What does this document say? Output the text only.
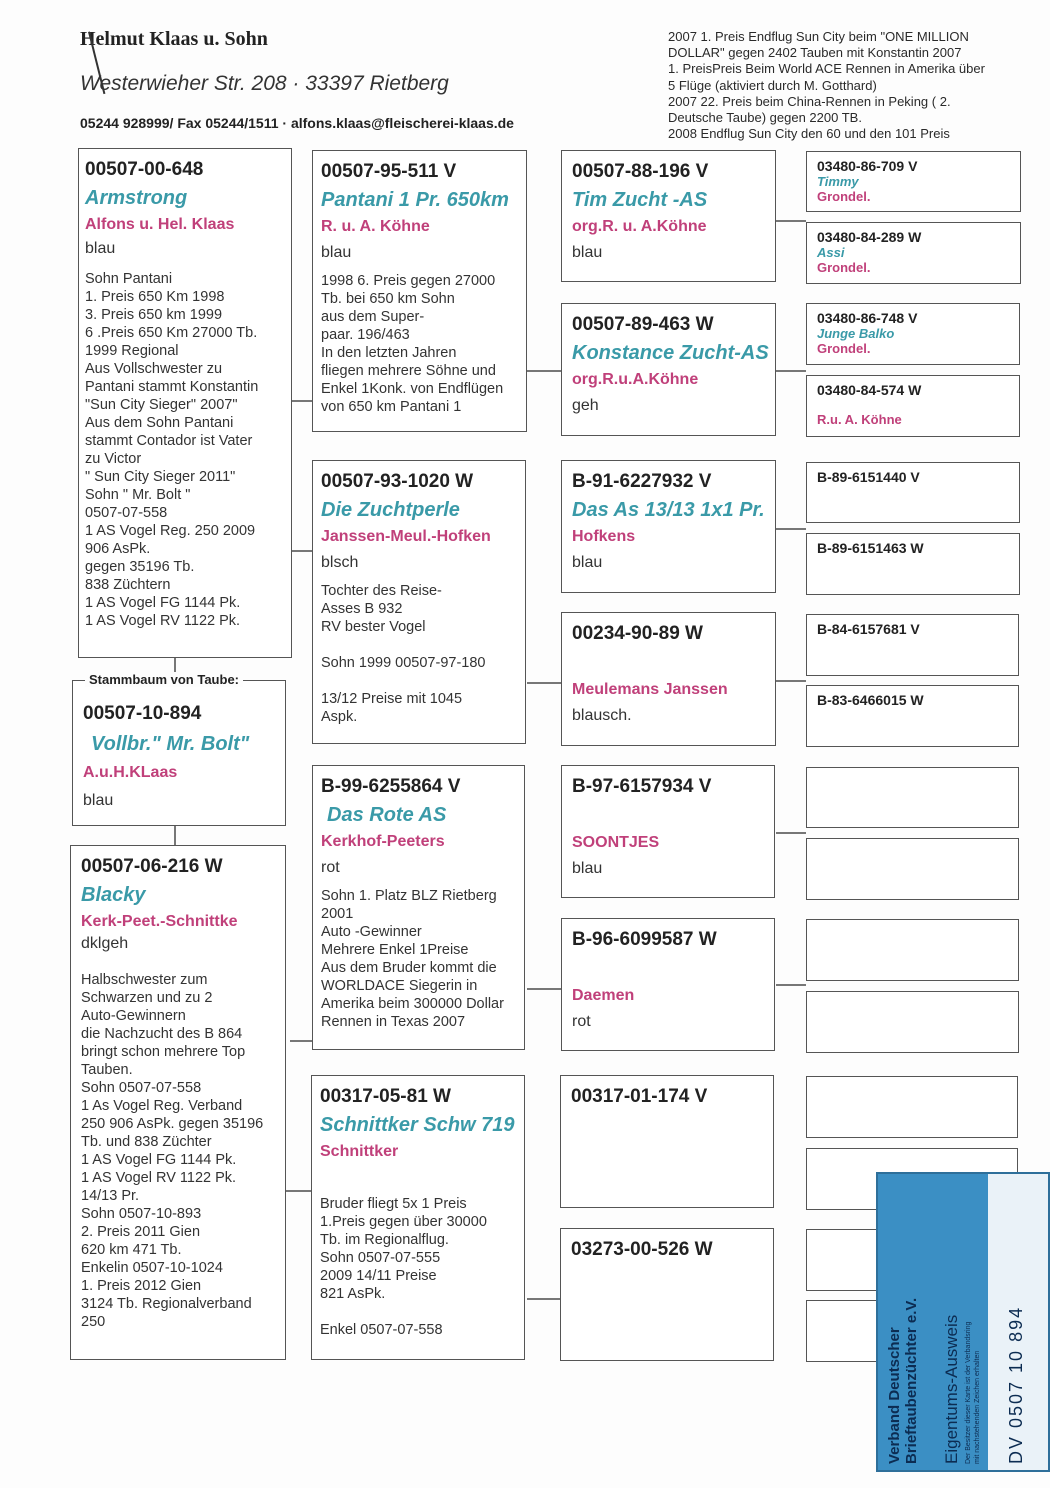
Helmut Klaas u. Sohn
Westerwieher Str. 208 · 33397 Rietberg
05244 928999/ Fax 05244/1511 · alfons.klaas@fleischerei-klaas.de
2007 1. Preis Endflug Sun City beim "ONE MILLION
DOLLAR" gegen 2402 Tauben mit Konstantin 2007
1. PreisPreis Beim World ACE Rennen in Amerika über
5 Flüge (aktiviert durch M. Gotthard)
2007 22. Preis beim China-Rennen in Peking ( 2.
Deutsche Taube) gegen 2200 TB.
2008 Endflug Sun City den 60 und den 101 Preis
00507-00-648
Armstrong
Alfons u. Hel. Klaas
blau
Sohn Pantani
1. Preis 650 Km 1998
3. Preis 650 km 1999
6 .Preis 650 Km 27000 Tb.
1999 Regional
Aus Vollschwester zu
Pantani stammt Konstantin
"Sun City Sieger" 2007"
Aus dem Sohn Pantani
stammt Contador ist Vater
zu Victor
" Sun City Sieger 2011"
Sohn " Mr. Bolt "
0507-07-558
1 AS Vogel Reg. 250 2009
906 AsPk.
gegen 35196 Tb.
838 Züchtern
1 AS Vogel FG 1144 Pk.
1 AS Vogel RV 1122 Pk.
00507-10-894
Vollbr." Mr. Bolt"
A.u.H.KLaas
blau
Stammbaum von Taube:
00507-06-216 W
Blacky
Kerk-Peet.-Schnittke
dklgeh
Halbschwester zum
Schwarzen und zu 2
Auto-Gewinnern
die Nachzucht des B 864
bringt schon mehrere Top
Tauben.
Sohn 0507-07-558
1 As Vogel Reg. Verband
250 906 AsPk. gegen 35196
Tb. und 838 Züchter
1 AS Vogel FG 1144 Pk.
1 AS Vogel RV 1122 Pk.
14/13 Pr.
Sohn 0507-10-893
2. Preis 2011 Gien
620 km 471 Tb.
Enkelin 0507-10-1024
1. Preis 2012 Gien
3124 Tb. Regionalverband
250
00507-95-511 V
Pantani 1 Pr. 650km
R. u. A. Köhne
blau
1998 6. Preis gegen 27000
Tb. bei 650 km Sohn
aus dem Super-
paar. 196/463
In den letzten Jahren
fliegen mehrere Söhne und
Enkel 1Konk. von Endflügen
von 650 km Pantani 1
00507-93-1020 W
Die Zuchtperle
Janssen-Meul.-Hofken
blsch
Tochter des Reise-
Asses B 932
RV bester Vogel

Sohn 1999 00507-97-180

13/12 Preise mit 1045
Aspk.
B-99-6255864 V
Das Rote AS
Kerkhof-Peeters
rot
Sohn 1. Platz BLZ Rietberg
2001
Auto -Gewinner
Mehrere Enkel 1Preise
Aus dem Bruder kommt die
WORLDACE Siegerin in
Amerika beim 300000 Dollar
Rennen in Texas 2007
00317-05-81 W
Schnittker Schw 719
Schnittker
Bruder fliegt 5x 1 Preis
1.Preis gegen über 30000
Tb. im Regionalflug.
Sohn 0507-07-555
2009 14/11 Preise
821 AsPk.

Enkel 0507-07-558
00507-88-196 V
Tim Zucht -AS
org.R. u. A.Köhne
blau
00507-89-463 W
Konstance Zucht-AS
org.R.u.A.Köhne
geh
B-91-6227932 V
Das As 13/13 1x1 Pr.
Hofkens
blau
00234-90-89 W
Meulemans Janssen
blausch.
B-97-6157934 V
SOONTJES
blau
B-96-6099587 W
Daemen
rot
00317-01-174 V
03273-00-526 W
03480-86-709 V
Timmy
Grondel.
03480-84-289 W
Assi
Grondel.
03480-86-748 V
Junge Balko
Grondel.
03480-84-574 W
R.u. A. Köhne
B-89-6151440 V
B-89-6151463 W
B-84-6157681 V
B-83-6466015 W
Verband Deutscher
Brieftaubenzüchter e.V.
Eigentums-Ausweis Der Besitzer dieser Karte ist der Verbandsring
mit nachstehenden Zeichen erhalten DV 0507 10 894
